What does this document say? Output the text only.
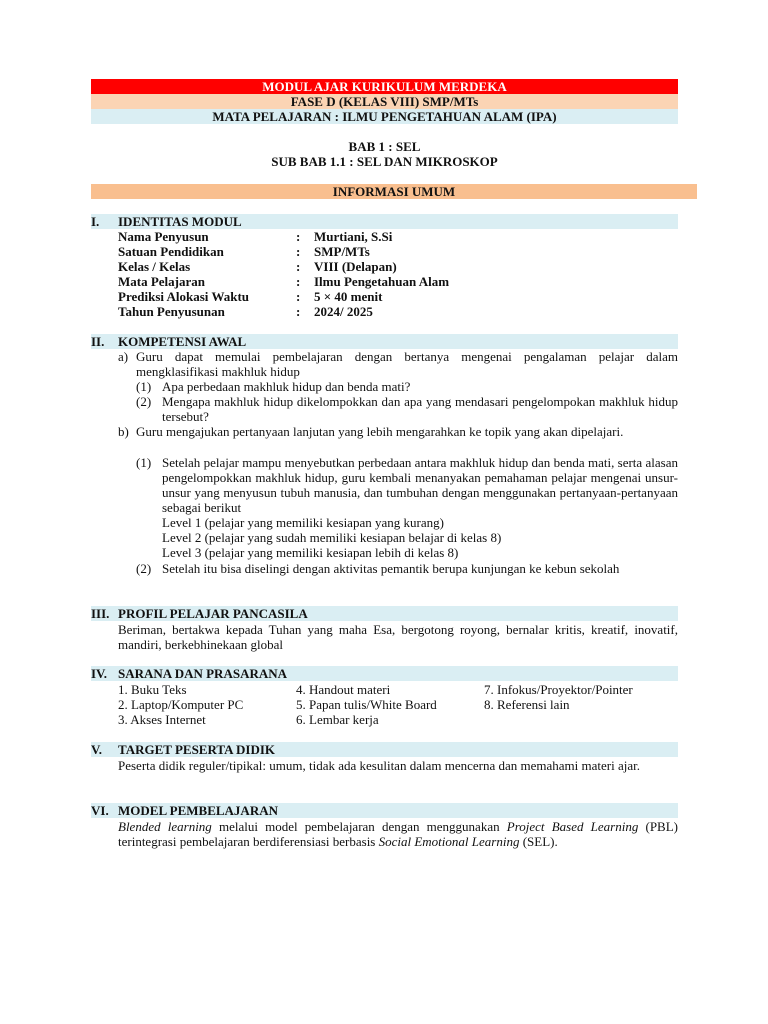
MODUL AJAR KURIKULUM MERDEKA
FASE D (KELAS VIII) SMP/MTs
MATA PELAJARAN : ILMU PENGETAHUAN ALAM (IPA)
BAB 1 : SEL
SUB BAB 1.1 : SEL DAN MIKROSKOP
INFORMASI UMUM
I. IDENTITAS MODUL
Nama Penyusun	: Murtiani, S.Si
Satuan Pendidikan	: SMP/MTs
Kelas / Kelas	: VIII (Delapan)
Mata Pelajaran	: Ilmu Pengetahuan Alam
Prediksi Alokasi Waktu	: 5 × 40 menit
Tahun Penyusunan	: 2024/ 2025
II. KOMPETENSI AWAL
a) Guru dapat memulai pembelajaran dengan bertanya mengenai pengalaman pelajar dalam mengklasifikasi makhluk hidup
(1) Apa perbedaan makhluk hidup dan benda mati?
(2) Mengapa makhluk hidup dikelompokkan dan apa yang mendasari pengelompokan makhluk hidup tersebut?
b) Guru mengajukan pertanyaan lanjutan yang lebih mengarahkan ke topik yang akan dipelajari.
(1) Setelah pelajar mampu menyebutkan perbedaan antara makhluk hidup dan benda mati, serta alasan pengelompokkan makhluk hidup, guru kembali menanyakan pemahaman pelajar mengenai unsur-unsur yang menyusun tubuh manusia, dan tumbuhan dengan menggunakan pertanyaan-pertanyaan sebagai berikut
Level 1 (pelajar yang memiliki kesiapan yang kurang)
Level 2 (pelajar yang sudah memiliki kesiapan belajar di kelas 8)
Level 3 (pelajar yang memiliki kesiapan lebih di kelas 8)
(2) Setelah itu bisa diselingi dengan aktivitas pemantik berupa kunjungan ke kebun sekolah
III. PROFIL PELAJAR PANCASILA
Beriman, bertakwa kepada Tuhan yang maha Esa, bergotong royong, bernalar kritis, kreatif, inovatif, mandiri, berkebhinekaan global
IV. SARANA DAN PRASARANA
1. Buku Teks
2. Laptop/Komputer PC
3. Akses Internet
4. Handout materi
5. Papan tulis/White Board
6. Lembar kerja
7. Infokus/Proyektor/Pointer
8. Referensi lain
V. TARGET PESERTA DIDIK
Peserta didik reguler/tipikal: umum, tidak ada kesulitan dalam mencerna dan memahami materi ajar.
VI. MODEL PEMBELAJARAN
Blended learning melalui model pembelajaran dengan menggunakan Project Based Learning (PBL) terintegrasi pembelajaran berdiferensiasi berbasis Social Emotional Learning (SEL).
